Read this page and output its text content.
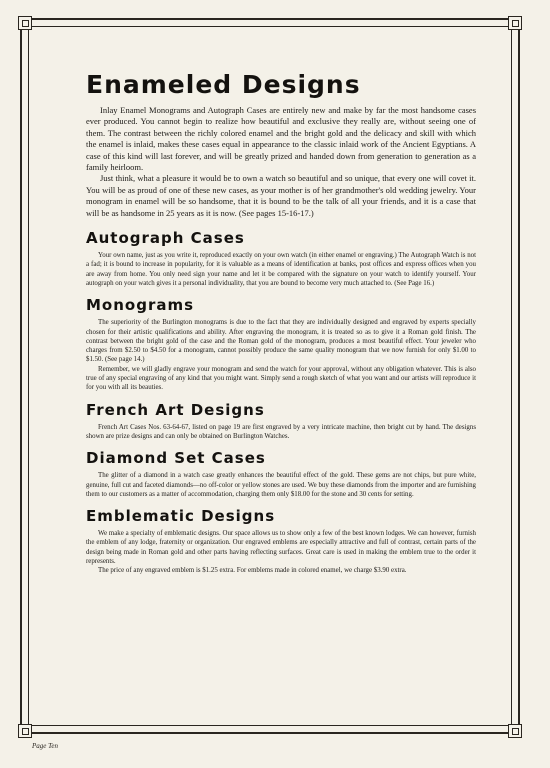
Enameled Designs

Inlay Enamel Monograms and Autograph Cases are entirely new and make by far the most handsome cases ever produced. You cannot begin to realize how beautiful and exclusive they really are, without seeing one of them. The contrast between the richly colored enamel and the bright gold and the delicacy and skill with which the enamel is inlaid, makes these cases equal in appearance to the classic inlaid work of the Ancient Egyptians. A case of this kind will last forever, and will be greatly prized and handed down from generation to generation as a family heirloom.

Just think, what a pleasure it would be to own a watch so beautiful and so unique, that every one will covet it. You will be as proud of one of these new cases, as your mother is of her grandmother's old wedding jewelry. Your monogram in enamel will be so handsome, that it is bound to be the talk of all your friends, and it is a case that will be as handsome in 25 years as it is now. (See pages 15-16-17.)

Autograph Cases

Your own name, just as you write it, reproduced exactly on your own watch (in either enamel or engraving.) The Autograph Watch is not a fad; it is bound to increase in popularity, for it is valuable as a means of identification at banks, post offices and express offices when you are away from home. You only need sign your name and let it be compared with the signature on your watch to identify yourself. Your autograph on your watch gives it a personal individuality, that you are bound to become very much attached to. (See Page 16.)

Monograms

The superiority of the Burlington monograms is due to the fact that they are individually designed and engraved by experts specially chosen for their artistic qualifications and ability. After engraving the monogram, it is treated so as to give it a Roman gold finish. The contrast between the bright gold of the case and the Roman gold of the monogram, produces a most beautiful effect. Your jeweler who charges from $2.50 to $4.50 for a monogram, cannot possibly produce the same quality monogram that we now furnish for only $1.00 to $1.50. (See page 14.)

Remember, we will gladly engrave your monogram and send the watch for your approval, without any obligation whatever. This is also true of any special engraving of any kind that you might want. Simply send a rough sketch of what you want and our artists will reproduce it for you with all its beauties.

French Art Designs

French Art Cases Nos. 63-64-67, listed on page 19 are first engraved by a very intricate machine, then bright cut by hand. The designs shown are prize designs and can only be obtained on Burlington Watches.

Diamond Set Cases

The glitter of a diamond in a watch case greatly enhances the beautiful effect of the gold. These gems are not chips, but pure white, genuine, full cut and faceted diamonds—no off-color or yellow stones are used. We buy these diamonds from the importer and are furnishing them to our customers as a matter of accommodation, charging them only $18.00 for the stone and 30 cents for setting.

Emblematic Designs

We make a specialty of emblematic designs. Our space allows us to show only a few of the best known lodges. We can however, furnish the emblem of any lodge, fraternity or organization. Our engraved emblems are especially attractive and full of contrast, certain parts of the design being made in Roman gold and other parts having reflecting surfaces. Great care is used in making the emblem true to the order it represents.

The price of any engraved emblem is $1.25 extra. For emblems made in colored enamel, we charge $3.90 extra.

Page Ten
